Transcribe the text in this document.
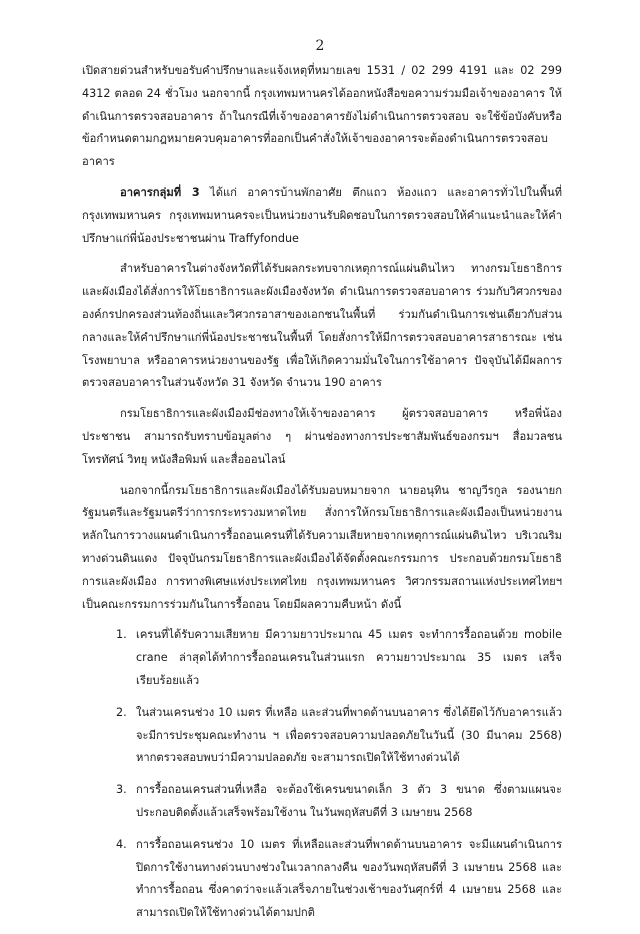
2

เปิดสายด่วนสำหรับขอรับคำปรึกษาและแจ้งเหตุที่หมายเลข 1531 / 02 299 4191 และ 02 299 4312 ตลอด 24 ชั่วโมง นอกจากนี้ กรุงเทพมหานครได้ออกหนังสือขอความร่วมมือเจ้าของอาคาร ให้ดำเนินการตรวจสอบอาคาร ถ้าในกรณีที่เจ้าของอาคารยังไม่ดำเนินการตรวจสอบ จะใช้ข้อบังคับหรือข้อกำหนดตามกฎหมายควบคุมอาคารที่ออกเป็นคำสั่งให้เจ้าของอาคารจะต้องดำเนินการตรวจสอบอาคาร

อาคารกลุ่มที่ 3 ได้แก่ อาคารบ้านพักอาศัย ตึกแถว ห้องแถว และอาคารทั่วไปในพื้นที่กรุงเทพมหานคร กรุงเทพมหานครจะเป็นหน่วยงานรับผิดชอบในการตรวจสอบให้คำแนะนำและให้คำปรึกษาแก่พี่น้องประชาชนผ่าน Traffyfondue

สำหรับอาคารในต่างจังหวัดที่ได้รับผลกระทบจากเหตุการณ์แผ่นดินไหว ทางกรมโยธาธิการและผังเมืองได้สั่งการให้โยธาธิการและผังเมืองจังหวัด ดำเนินการตรวจสอบอาคาร ร่วมกับวิศวกรขององค์กรปกครองส่วนท้องถิ่นและวิศวกรอาสาของเอกชนในพื้นที่ ร่วมกันดำเนินการเช่นเดียวกับส่วนกลางและให้คำปรึกษาแก่พี่น้องประชาชนในพื้นที่ โดยสั่งการให้มีการตรวจสอบอาคารสาธารณะ เช่น โรงพยาบาล หรืออาคารหน่วยงานของรัฐ เพื่อให้เกิดความมั่นใจในการใช้อาคาร ปัจจุบันได้มีผลการตรวจสอบอาคารในส่วนจังหวัด 31 จังหวัด จำนวน 190 อาคาร

กรมโยธาธิการและผังเมืองมีช่องทางให้เจ้าของอาคาร ผู้ตรวจสอบอาคาร หรือพี่น้องประชาชน สามารถรับทราบข้อมูลต่าง ๆ ผ่านช่องทางการประชาสัมพันธ์ของกรมฯ สื่อมวลชน โทรทัศน์ วิทยุ หนังสือพิมพ์ และสื่อออนไลน์

นอกจากนี้กรมโยธาธิการและผังเมืองได้รับมอบหมายจาก นายอนุทิน ชาญวีรกูล รองนายกรัฐมนตรีและรัฐมนตรีว่าการกระทรวงมหาดไทย สั่งการให้กรมโยธาธิการและผังเมืองเป็นหน่วยงานหลักในการวางแผนดำเนินการรื้อถอนเครนที่ได้รับความเสียหายจากเหตุการณ์แผ่นดินไหว บริเวณริมทางด่วนดินแดง ปัจจุบันกรมโยธาธิการและผังเมืองได้จัดตั้งคณะกรรมการ ประกอบด้วยกรมโยธาธิการและผังเมือง การทางพิเศษแห่งประเทศไทย กรุงเทพมหานคร วิศวกรรมสถานแห่งประเทศไทยฯ เป็นคณะกรรมการร่วมกันในการรื้อถอน โดยมีผลความคืบหน้า ดังนี้

1. เครนที่ได้รับความเสียหาย มีความยาวประมาณ 45 เมตร จะทำการรื้อถอนด้วย mobile crane ล่าสุดได้ทำการรื้อถอนเครนในส่วนแรก ความยาวประมาณ 35 เมตร เสร็จเรียบร้อยแล้ว
2. ในส่วนเครนช่วง 10 เมตร ที่เหลือ และส่วนที่พาดด้านบนอาคาร ซึ่งได้ยึดไว้กับอาคารแล้ว จะมีการประชุมคณะทำงาน ฯ เพื่อตรวจสอบความปลอดภัยในวันนี้ (30 มีนาคม 2568) หากตรวจสอบพบว่ามีความปลอดภัย จะสามารถเปิดให้ใช้ทางด่วนได้
3. การรื้อถอนเครนส่วนที่เหลือ จะต้องใช้เครนขนาดเล็ก 3 ตัว 3 ขนาด ซึ่งตามแผนจะประกอบติดตั้งแล้วเสร็จพร้อมใช้งาน ในวันพฤหัสบดีที่ 3 เมษายน 2568
4. การรื้อถอนเครนช่วง 10 เมตร ที่เหลือและส่วนที่พาดด้านบนอาคาร จะมีแผนดำเนินการปิดการใช้งานทางด่วนบางช่วงในเวลากลางคืน ของวันพฤหัสบดีที่ 3 เมษายน 2568 และทำการรื้อถอน ซึ่งคาดว่าจะแล้วเสร็จภายในช่วงเช้าของวันศุกร์ที่ 4 เมษายน 2568 และสามารถเปิดให้ใช้ทางด่วนได้ตามปกติ
